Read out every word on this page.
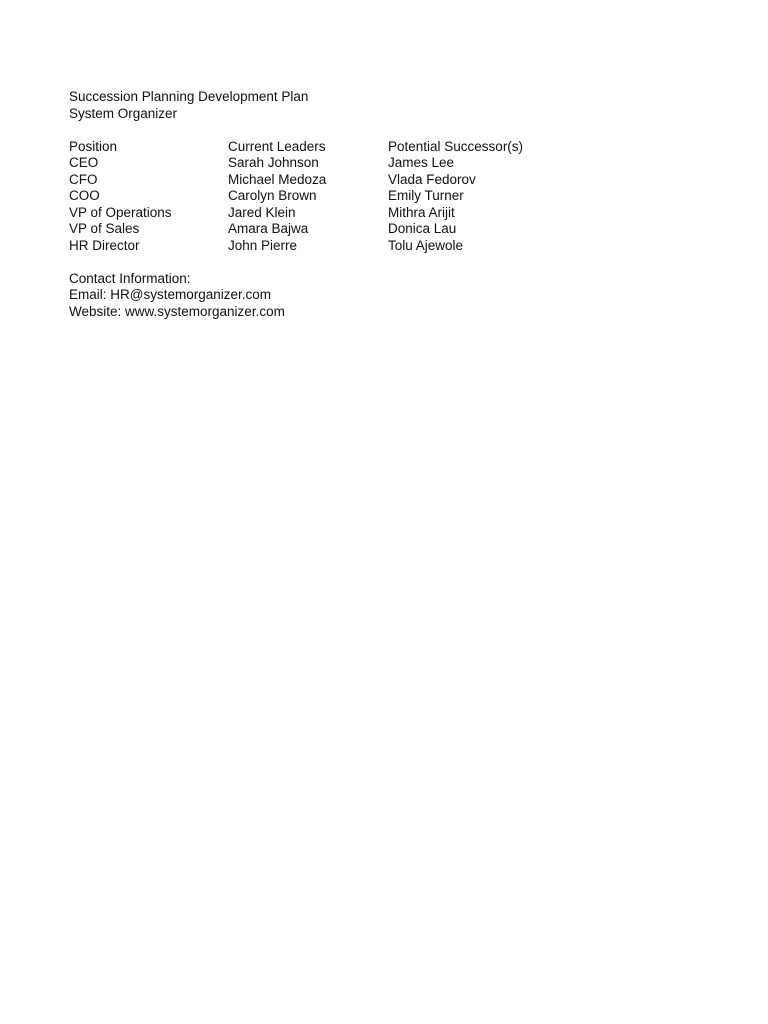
Succession Planning Development Plan
System Organizer
Position	Current Leaders	Potential Successor(s)
CEO	Sarah Johnson	James Lee
CFO	Michael Medoza	Vlada Fedorov
COO	Carolyn Brown	Emily Turner
VP of Operations	Jared Klein	Mithra Arijit
VP of Sales	Amara Bajwa	Donica Lau
HR Director	John Pierre	Tolu Ajewole
Contact Information:
Email: HR@systemorganizer.com
Website: www.systemorganizer.com
